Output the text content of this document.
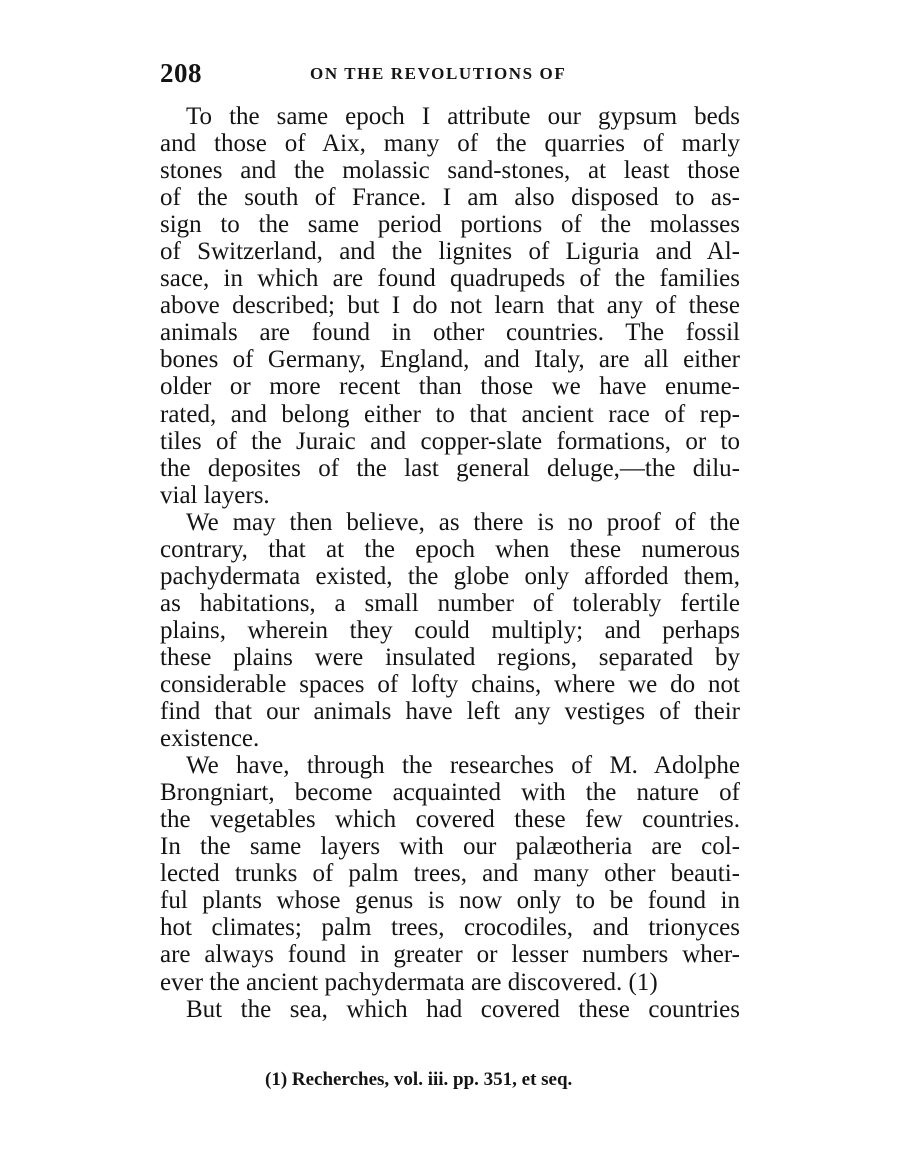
208	ON THE REVOLUTIONS OF
To the same epoch I attribute our gypsum beds
and those of Aix, many of the quarries of marly
stones and the molassic sand-stones, at least those
of the south of France. I am also disposed to as-
sign to the same period portions of the molasses
of Switzerland, and the lignites of Liguria and Al-
sace, in which are found quadrupeds of the families
above described; but I do not learn that any of these
animals are found in other countries. The fossil
bones of Germany, England, and Italy, are all either
older or more recent than those we have enume-
rated, and belong either to that ancient race of rep-
tiles of the Juraic and copper-slate formations, or to
the deposites of the last general deluge,—the dilu-
vial layers.
We may then believe, as there is no proof of the
contrary, that at the epoch when these numerous
pachydermata existed, the globe only afforded them,
as habitations, a small number of tolerably fertile
plains, wherein they could multiply; and perhaps
these plains were insulated regions, separated by
considerable spaces of lofty chains, where we do not
find that our animals have left any vestiges of their
existence.
We have, through the researches of M. Adolphe
Brongniart, become acquainted with the nature of
the vegetables which covered these few countries.
In the same layers with our palæotheria are col-
lected trunks of palm trees, and many other beauti-
ful plants whose genus is now only to be found in
hot climates; palm trees, crocodiles, and trionyces
are always found in greater or lesser numbers wher-
ever the ancient pachydermata are discovered. (1)
But the sea, which had covered these countries
(1) Recherches, vol. iii. pp. 351, et seq.
